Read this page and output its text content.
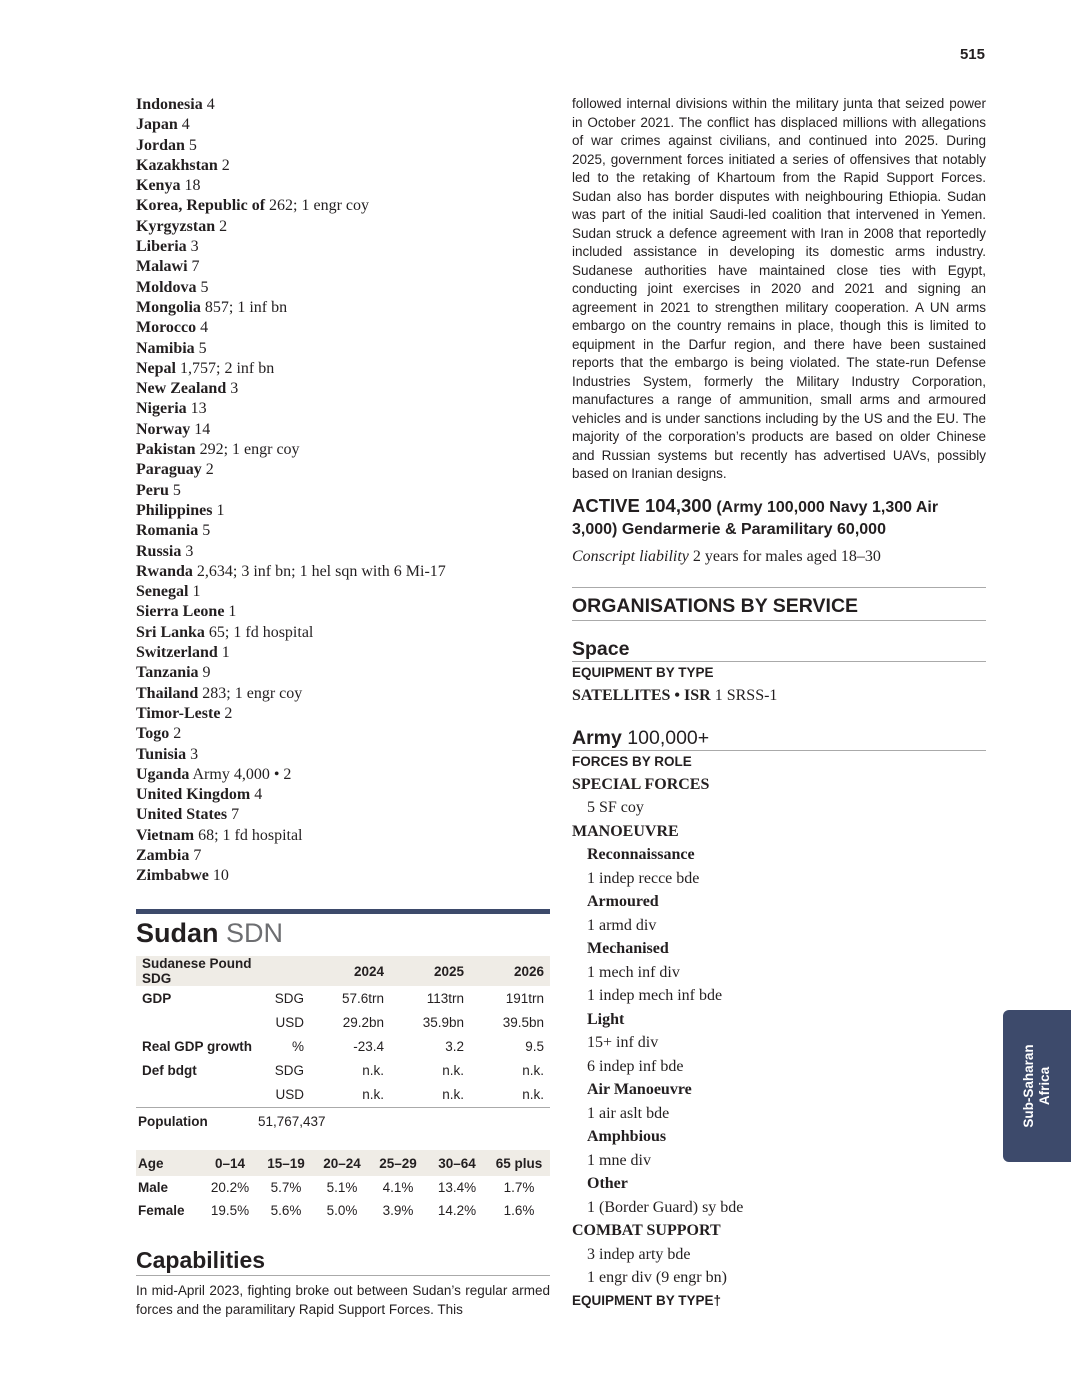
515
Indonesia 4
Japan 4
Jordan 5
Kazakhstan 2
Kenya 18
Korea, Republic of 262; 1 engr coy
Kyrgyzstan 2
Liberia 3
Malawi 7
Moldova 5
Mongolia 857; 1 inf bn
Morocco 4
Namibia 5
Nepal 1,757; 2 inf bn
New Zealand 3
Nigeria 13
Norway 14
Pakistan 292; 1 engr coy
Paraguay 2
Peru 5
Philippines 1
Romania 5
Russia 3
Rwanda 2,634; 3 inf bn; 1 hel sqn with 6 Mi-17
Senegal 1
Sierra Leone 1
Sri Lanka 65; 1 fd hospital
Switzerland 1
Tanzania 9
Thailand 283; 1 engr coy
Timor-Leste 2
Togo 2
Tunisia 3
Uganda Army 4,000 • 2
United Kingdom 4
United States 7
Vietnam 68; 1 fd hospital
Zambia 7
Zimbabwe 10
Sudan SDN
Sudanese Pound SDG		2024	2025	2026
GDP	SDG	57.6trn	113trn	191trn
	USD	29.2bn	35.9bn	39.5bn
Real GDP growth	%	-23.4	3.2	9.5
Def bdgt	SDG	n.k.	n.k.	n.k.
	USD	n.k.	n.k.	n.k.
Population	51,767,437
Age	0–14	15–19	20–24	25–29	30–64	65 plus
Male	20.2%	5.7%	5.1%	4.1%	13.4%	1.7%
Female	19.5%	5.6%	5.0%	3.9%	14.2%	1.6%
Capabilities

In mid-April 2023, fighting broke out between Sudan’s regular armed forces and the paramilitary Rapid Support Forces. This

followed internal divisions within the military junta that seized power in October 2021. The conflict has displaced millions with allegations of war crimes against civilians, and continued into 2025. During 2025, government forces initiated a series of offensives that notably led to the retaking of Khartoum from the Rapid Support Forces. Sudan also has border disputes with neighbouring Ethiopia. Sudan was part of the initial Saudi-led coalition that intervened in Yemen. Sudan struck a defence agreement with Iran in 2008 that reportedly included assistance in developing its domestic arms industry. Sudanese authorities have maintained close ties with Egypt, conducting joint exercises in 2020 and 2021 and signing an agreement in 2021 to strengthen military cooperation. A UN arms embargo on the country remains in place, though this is limited to equipment in the Darfur region, and there have been sustained reports that the embargo is being violated. The state-run Defense Industries System, formerly the Military Industry Corporation, manufactures a range of ammunition, small arms and armoured vehicles and is under sanctions including by the US and the EU. The majority of the corporation’s products are based on older Chinese and Russian systems but recently has advertised UAVs, possibly based on Iranian designs.

ACTIVE 104,300 (Army 100,000 Navy 1,300 Air 3,000) Gendarmerie & Paramilitary 60,000
Conscript liability 2 years for males aged 18–30
ORGANISATIONS BY SERVICE
Space
EQUIPMENT BY TYPE
SATELLITES • ISR 1 SRSS-1
Army 100,000+
FORCES BY ROLE
SPECIAL FORCES
5 SF coy
MANOEUVRE
Reconnaissance
1 indep recce bde
Armoured
1 armd div
Mechanised
1 mech inf div
1 indep mech inf bde
Light
15+ inf div
6 indep inf bde
Air Manoeuvre
1 air aslt bde
Amphbious
1 mne div
Other
1 (Border Guard) sy bde
COMBAT SUPPORT
3 indep arty bde
1 engr div (9 engr bn)
EQUIPMENT BY TYPE†
Sub-Saharan Africa
